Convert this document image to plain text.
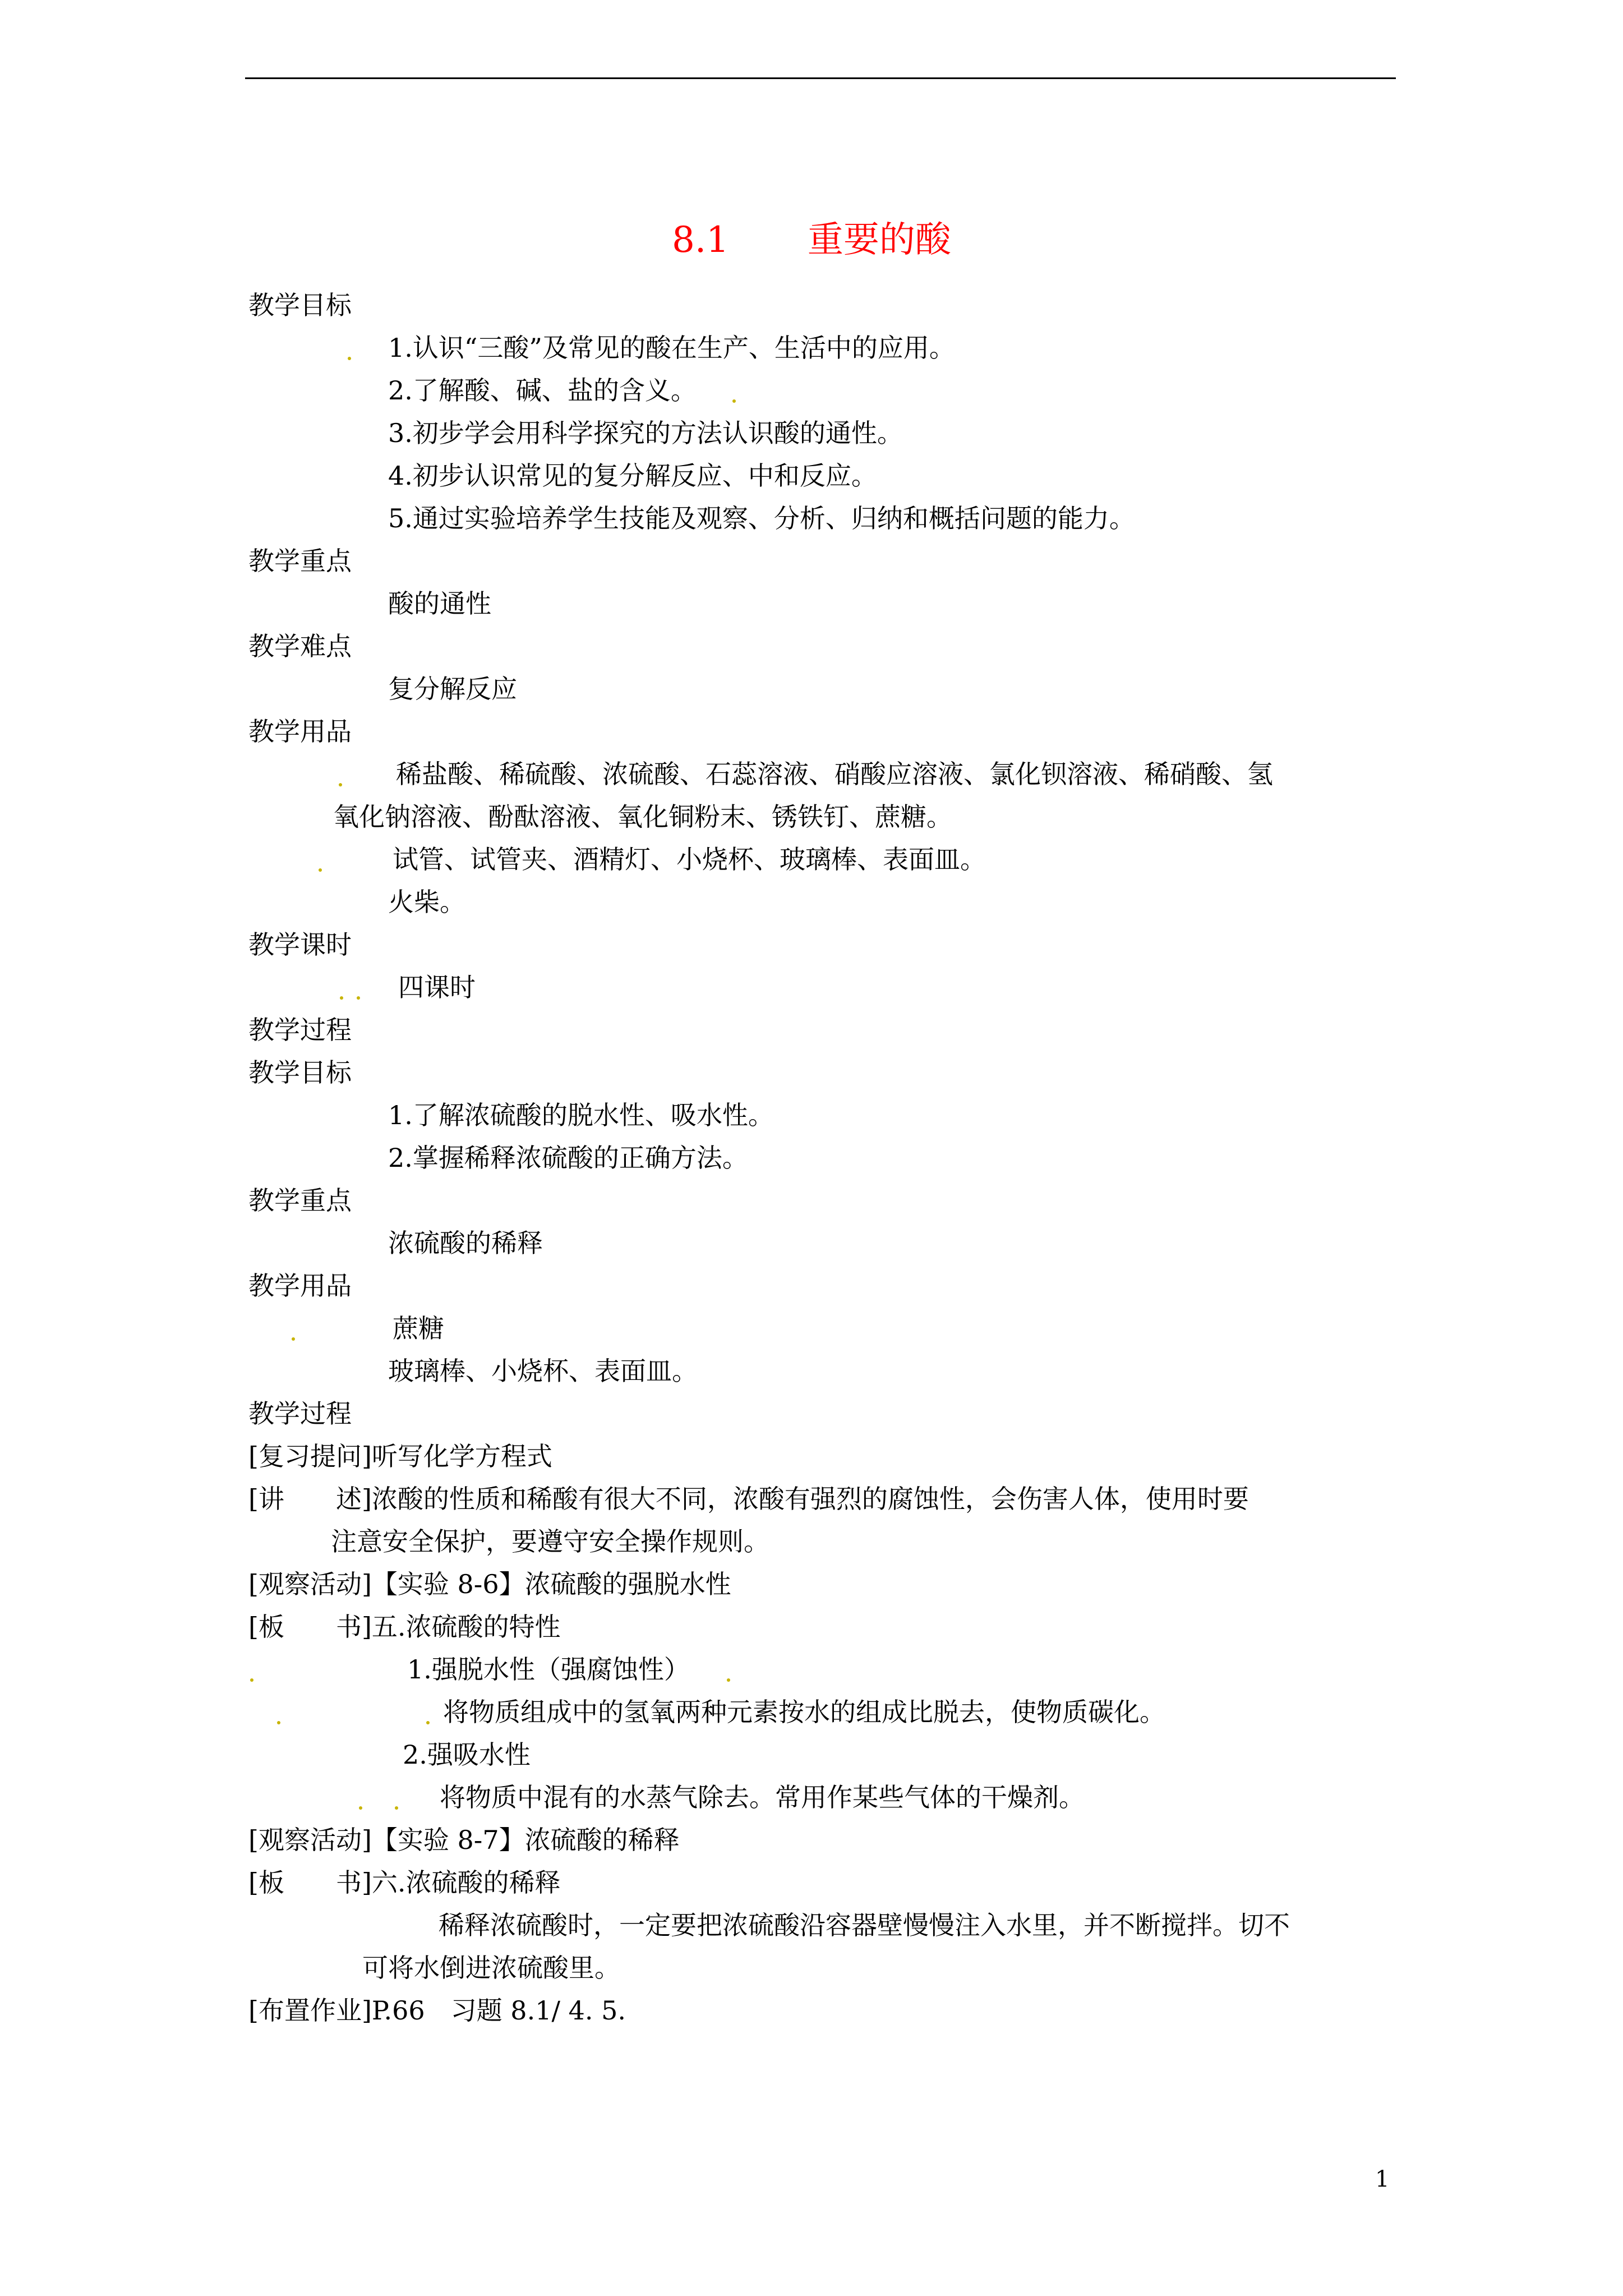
8.1 重要的酸
教学目标
1.认识“三酸”及常见的酸在生产、生活中的应用。
2.了解酸、碱、盐的含义。
3.初步学会用科学探究的方法认识酸的通性。
4.初步认识常见的复分解反应、中和反应。
5.通过实验培养学生技能及观察、分析、归纳和概括问题的能力。
教学重点
酸的通性
教学难点
复分解反应
教学用品
稀盐酸、稀硫酸、浓硫酸、石蕊溶液、硝酸应溶液、氯化钡溶液、稀硝酸、氢
氧化钠溶液、酚酞溶液、氧化铜粉末、锈铁钉、蔗糖。
试管、试管夹、酒精灯、小烧杯、玻璃棒、表面皿。
火柴。
教学课时
四课时
教学过程
教学目标
1.了解浓硫酸的脱水性、吸水性。
2.掌握稀释浓硫酸的正确方法。
教学重点
浓硫酸的稀释
教学用品
蔗糖
玻璃棒、小烧杯、表面皿。
教学过程
[复习提问]听写化学方程式
[讲　　述]浓酸的性质和稀酸有很大不同，浓酸有强烈的腐蚀性，会伤害人体，使用时要
注意安全保护，要遵守安全操作规则。
[观察活动]【实验 8-6】浓硫酸的强脱水性
[板　　书]五.浓硫酸的特性
1.强脱水性（强腐蚀性）
将物质组成中的氢氧两种元素按水的组成比脱去，使物质碳化。
2.强吸水性
将物质中混有的水蒸气除去。常用作某些气体的干燥剂。
[观察活动]【实验 8-7】浓硫酸的稀释
[板　　书]六.浓硫酸的稀释
稀释浓硫酸时，一定要把浓硫酸沿容器壁慢慢注入水里，并不断搅拌。切不
可将水倒进浓硫酸里。
[布置作业]P.66　习题 8.1/ 4. 5.
1
